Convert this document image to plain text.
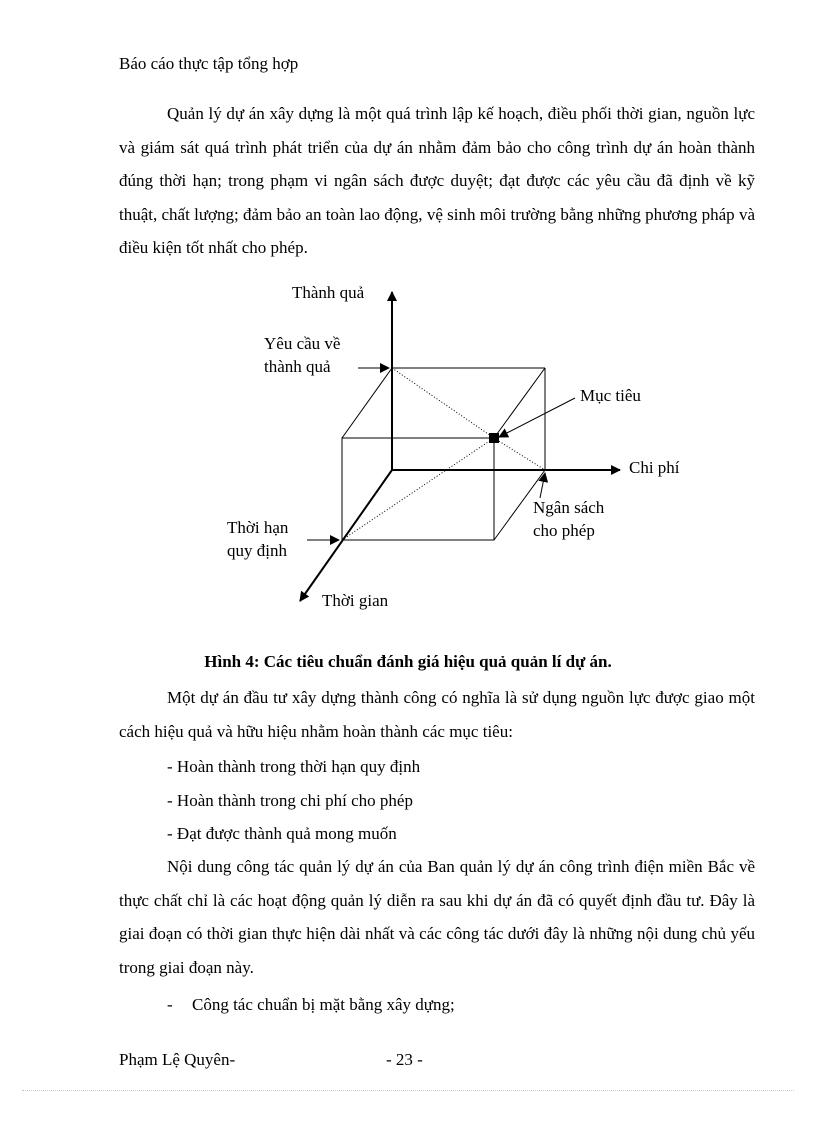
Báo cáo thực tập tổng hợp

Quản lý dự án xây dựng là một quá trình lập kế hoạch, điều phối thời gian, nguồn lực và giám sát quá trình phát triển của dự án nhằm đảm bảo cho công trình dự án hoàn thành đúng thời hạn; trong phạm vi ngân sách được duyệt; đạt được các yêu cầu đã định về kỹ thuật, chất lượng; đảm bảo an toàn lao động, vệ sinh môi trường bằng những phương pháp và điều kiện tốt nhất cho phép.

Thành quả
Yêu cầu về
thành quả
Mục tiêu
Chi phí
Ngân sách
cho phép
Thời hạn
quy định
Thời gian
Hình 4: Các tiêu chuẩn đánh giá hiệu quả quản lí dự án.

Một dự án đầu tư xây dựng thành công có nghĩa là sử dụng nguồn lực được giao một cách hiệu quả và hữu hiệu nhằm hoàn thành các mục tiêu:

- Hoàn thành trong thời hạn quy định
- Hoàn thành trong chi phí cho phép
- Đạt được thành quả mong muốn

Nội dung công tác quản lý dự án của Ban quản lý dự án công trình điện miền Bắc về thực chất chỉ là các hoạt động quản lý diễn ra sau khi dự án đã có quyết định đầu tư. Đây là giai đoạn có thời gian thực hiện dài nhất và các công tác dưới đây là những nội dung chủ yếu trong giai đoạn này.

- Công tác chuẩn bị mặt bằng xây dựng;
Phạm Lệ Quyên-	- 23 -
